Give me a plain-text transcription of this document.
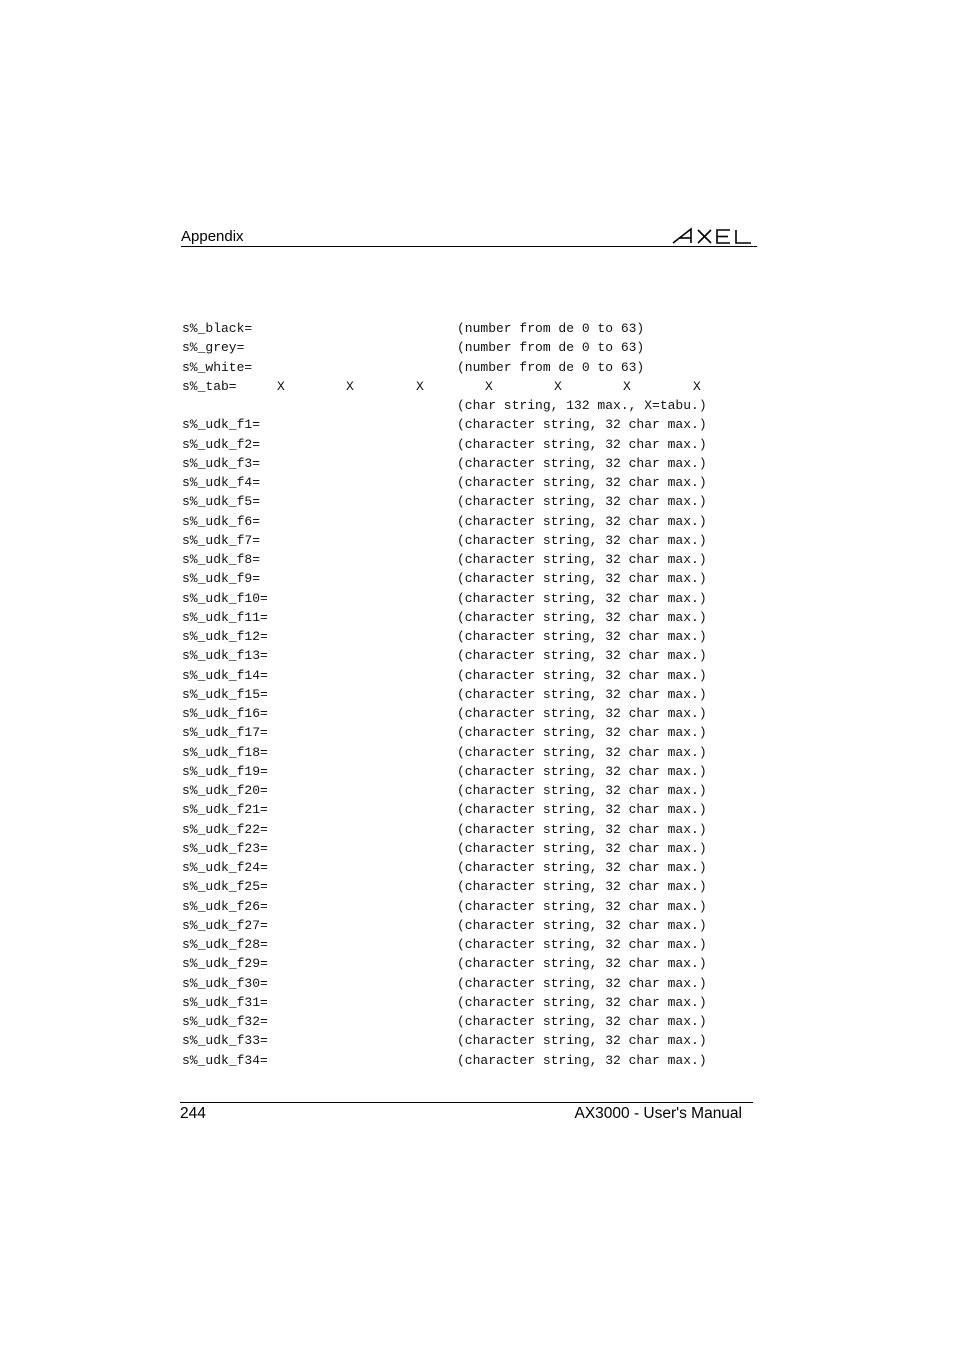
Appendix
s%_black=	(number from de 0 to 63)
s%_grey=	(number from de 0 to 63)
s%_white=	(number from de 0 to 63)
s%_tab=	X	X	X	X	X	X	X
(char string, 132 max., X=tabu.)
s%_udk_f1=	(character string, 32 char max.)
s%_udk_f2=	(character string, 32 char max.)
s%_udk_f3=	(character string, 32 char max.)
s%_udk_f4=	(character string, 32 char max.)
s%_udk_f5=	(character string, 32 char max.)
s%_udk_f6=	(character string, 32 char max.)
s%_udk_f7=	(character string, 32 char max.)
s%_udk_f8=	(character string, 32 char max.)
s%_udk_f9=	(character string, 32 char max.)
s%_udk_f10=	(character string, 32 char max.)
s%_udk_f11=	(character string, 32 char max.)
s%_udk_f12=	(character string, 32 char max.)
s%_udk_f13=	(character string, 32 char max.)
s%_udk_f14=	(character string, 32 char max.)
s%_udk_f15=	(character string, 32 char max.)
s%_udk_f16=	(character string, 32 char max.)
s%_udk_f17=	(character string, 32 char max.)
s%_udk_f18=	(character string, 32 char max.)
s%_udk_f19=	(character string, 32 char max.)
s%_udk_f20=	(character string, 32 char max.)
s%_udk_f21=	(character string, 32 char max.)
s%_udk_f22=	(character string, 32 char max.)
s%_udk_f23=	(character string, 32 char max.)
s%_udk_f24=	(character string, 32 char max.)
s%_udk_f25=	(character string, 32 char max.)
s%_udk_f26=	(character string, 32 char max.)
s%_udk_f27=	(character string, 32 char max.)
s%_udk_f28=	(character string, 32 char max.)
s%_udk_f29=	(character string, 32 char max.)
s%_udk_f30=	(character string, 32 char max.)
s%_udk_f31=	(character string, 32 char max.)
s%_udk_f32=	(character string, 32 char max.)
s%_udk_f33=	(character string, 32 char max.)
s%_udk_f34=	(character string, 32 char max.)
244	AX3000 - User's Manual
